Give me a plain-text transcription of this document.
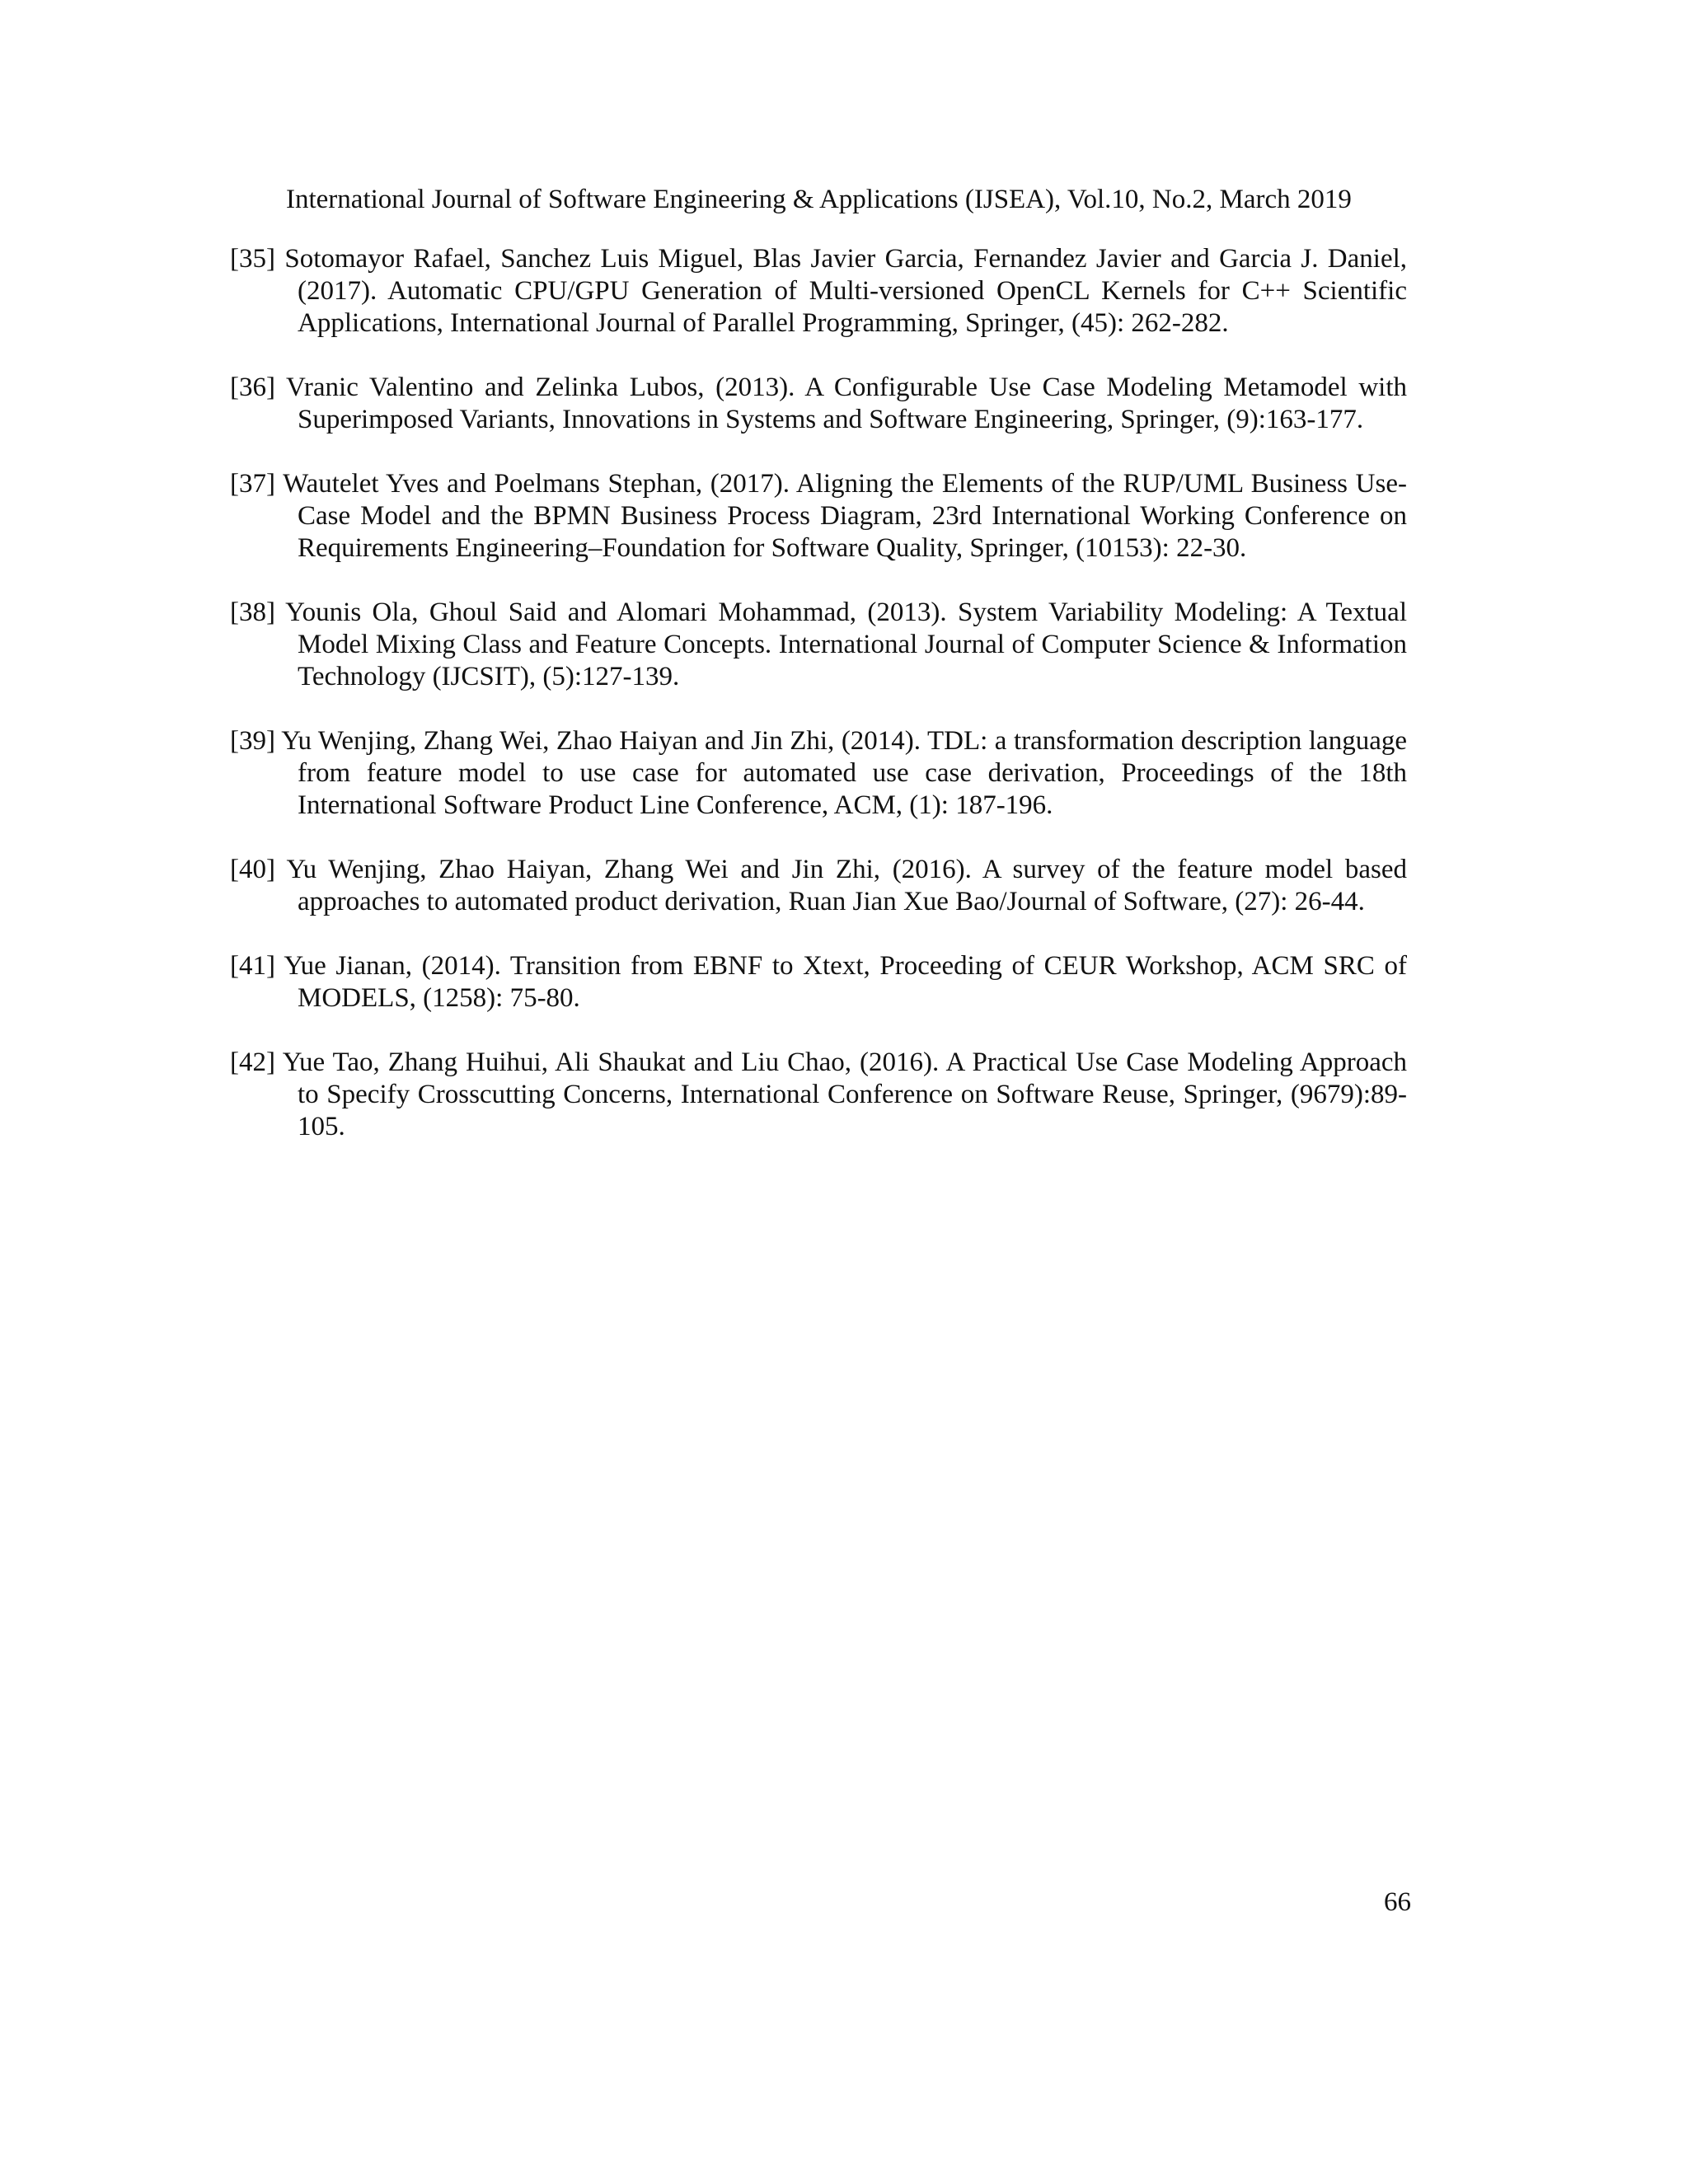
International Journal of Software Engineering & Applications (IJSEA), Vol.10, No.2, March 2019
[35] Sotomayor Rafael, Sanchez Luis Miguel, Blas Javier Garcia, Fernandez Javier and Garcia J. Daniel, (2017). Automatic CPU/GPU Generation of Multi-versioned OpenCL Kernels for C++ Scientific Applications, International Journal of Parallel Programming, Springer, (45): 262-282.
[36] Vranic Valentino and Zelinka Lubos, (2013). A Configurable Use Case Modeling Metamodel with Superimposed Variants, Innovations in Systems and Software Engineering, Springer, (9):163-177.
[37] Wautelet Yves and Poelmans Stephan, (2017). Aligning the Elements of the RUP/UML Business Use-Case Model and the BPMN Business Process Diagram, 23rd International Working Conference on Requirements Engineering–Foundation for Software Quality, Springer, (10153): 22-30.
[38] Younis Ola, Ghoul Said and Alomari Mohammad, (2013). System Variability Modeling: A Textual Model Mixing Class and Feature Concepts. International Journal of Computer Science & Information Technology (IJCSIT), (5):127-139.
[39] Yu Wenjing, Zhang Wei, Zhao Haiyan and Jin Zhi, (2014). TDL: a transformation description language from feature model to use case for automated use case derivation, Proceedings of the 18th International Software Product Line Conference, ACM, (1): 187-196.
[40] Yu Wenjing, Zhao Haiyan, Zhang Wei and Jin Zhi, (2016). A survey of the feature model based approaches to automated product derivation, Ruan Jian Xue Bao/Journal of Software, (27): 26-44.
[41] Yue Jianan, (2014). Transition from EBNF to Xtext, Proceeding of CEUR Workshop, ACM SRC of MODELS, (1258): 75-80.
[42] Yue Tao, Zhang Huihui, Ali Shaukat and Liu Chao, (2016). A Practical Use Case Modeling Approach to Specify Crosscutting Concerns, International Conference on Software Reuse, Springer, (9679):89-105.
66
